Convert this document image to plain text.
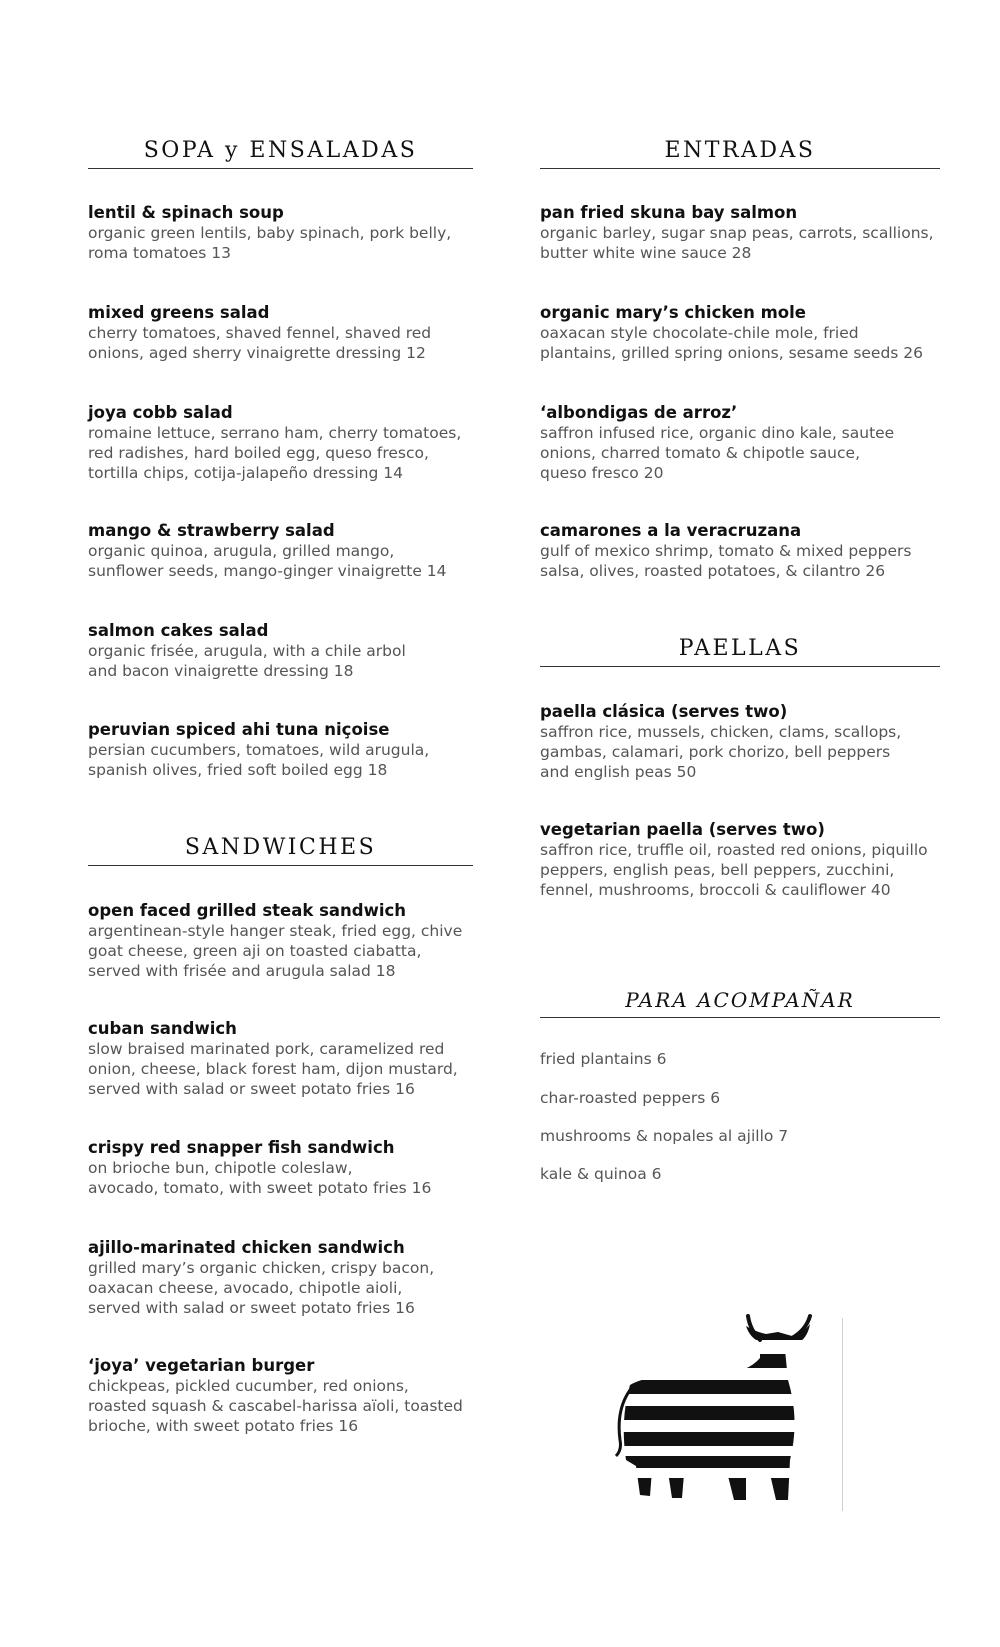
SOPA y ENSALADAS
lentil & spinach soup
organic green lentils, baby spinach, pork belly,
roma tomatoes 13
mixed greens salad
cherry tomatoes, shaved fennel, shaved red
onions, aged sherry vinaigrette dressing 12
joya cobb salad
romaine lettuce, serrano ham, cherry tomatoes,
red radishes, hard boiled egg, queso fresco,
tortilla chips, cotija-jalapeño dressing 14
mango & strawberry salad
organic quinoa, arugula, grilled mango,
sunflower seeds, mango-ginger vinaigrette 14
salmon cakes salad
organic frisée, arugula, with a chile arbol
and bacon vinaigrette dressing 18
peruvian spiced ahi tuna niçoise
persian cucumbers, tomatoes, wild arugula,
spanish olives, fried soft boiled egg 18
SANDWICHES
open faced grilled steak sandwich
argentinean-style hanger steak, fried egg, chive
goat cheese, green aji on toasted ciabatta,
served with frisée and arugula salad 18
cuban sandwich
slow braised marinated pork, caramelized red
onion, cheese, black forest ham, dijon mustard,
served with salad or sweet potato fries 16
crispy red snapper fish sandwich
on brioche bun, chipotle coleslaw,
avocado, tomato, with sweet potato fries 16
ajillo-marinated chicken sandwich
grilled mary’s organic chicken, crispy bacon,
oaxacan cheese, avocado, chipotle aioli,
served with salad or sweet potato fries 16
‘joya’ vegetarian burger
chickpeas, pickled cucumber, red onions,
roasted squash & cascabel-harissa aïoli, toasted
brioche, with sweet potato fries 16
ENTRADAS
pan fried skuna bay salmon
organic barley, sugar snap peas, carrots, scallions,
butter white wine sauce 28
organic mary’s chicken mole
oaxacan style chocolate-chile mole, fried
plantains, grilled spring onions, sesame seeds 26
‘albondigas de arroz’
saffron infused rice, organic dino kale, sautee
onions, charred tomato & chipotle sauce,
queso fresco 20
camarones a la veracruzana
gulf of mexico shrimp, tomato & mixed peppers
salsa, olives, roasted potatoes, & cilantro 26
PAELLAS
paella clásica (serves two)
saffron rice, mussels, chicken, clams, scallops,
gambas, calamari, pork chorizo, bell peppers
and english peas 50
vegetarian paella (serves two)
saffron rice, truffle oil, roasted red onions, piquillo
peppers, english peas, bell peppers, zucchini,
fennel, mushrooms, broccoli & cauliflower 40
PARA ACOMPAÑAR
fried plantains 6
char-roasted peppers 6
mushrooms & nopales al ajillo 7
kale & quinoa 6
